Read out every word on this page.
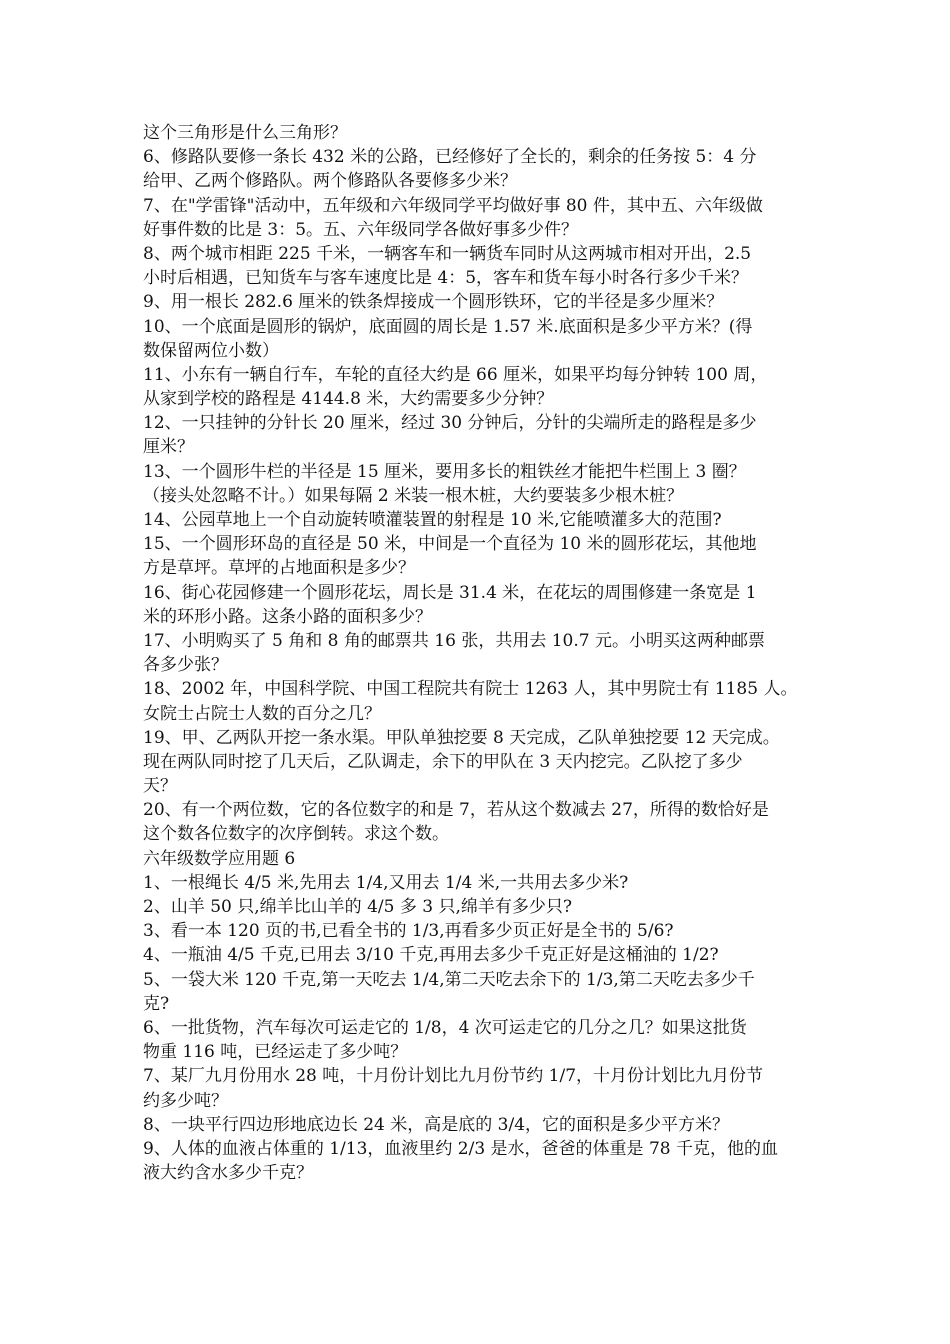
这个三角形是什么三角形？
6、修路队要修一条长 432 米的公路，已经修好了全长的，剩余的任务按 5：4 分
给甲、乙两个修路队。两个修路队各要修多少米？
7、在"学雷锋"活动中，五年级和六年级同学平均做好事 80 件，其中五、六年级做
好事件数的比是 3：5。五、六年级同学各做好事多少件？
8、两个城市相距 225 千米，一辆客车和一辆货车同时从这两城市相对开出，2.5
小时后相遇，已知货车与客车速度比是 4：5，客车和货车每小时各行多少千米？
9、用一根长 282.6 厘米的铁条焊接成一个圆形铁环，它的半径是多少厘米？
10、一个底面是圆形的锅炉，底面圆的周长是 1.57 米.底面积是多少平方米？(得
数保留两位小数）
11、小东有一辆自行车，车轮的直径大约是 66 厘米，如果平均每分钟转 100 周，
从家到学校的路程是 4144.8 米，大约需要多少分钟？
12、一只挂钟的分针长 20 厘米，经过 30 分钟后，分针的尖端所走的路程是多少
厘米？
13、一个圆形牛栏的半径是 15 厘米，要用多长的粗铁丝才能把牛栏围上 3 圈？
（接头处忽略不计。）如果每隔 2 米装一根木桩，大约要装多少根木桩？
14、公园草地上一个自动旋转喷灌装置的射程是 10 米,它能喷灌多大的范围?
15、一个圆形环岛的直径是 50 米，中间是一个直径为 10 米的圆形花坛，其他地
方是草坪。草坪的占地面积是多少？
16、街心花园修建一个圆形花坛，周长是 31.4 米，在花坛的周围修建一条宽是 1
米的环形小路。这条小路的面积多少？
17、小明购买了 5 角和 8 角的邮票共 16 张，共用去 10.7 元。小明买这两种邮票
各多少张？
18、2002 年，中国科学院、中国工程院共有院士 1263 人，其中男院士有 1185 人。
女院士占院士人数的百分之几？
19、甲、乙两队开挖一条水渠。甲队单独挖要 8 天完成，乙队单独挖要 12 天完成。
现在两队同时挖了几天后，乙队调走，余下的甲队在 3 天内挖完。乙队挖了多少
天？
20、有一个两位数，它的各位数字的和是 7，若从这个数减去 27，所得的数恰好是
这个数各位数字的次序倒转。求这个数。
六年级数学应用题 6
1、一根绳长 4/5 米,先用去 1/4,又用去 1/4 米,一共用去多少米?
2、山羊 50 只,绵羊比山羊的 4/5 多 3 只,绵羊有多少只?
3、看一本 120 页的书,已看全书的 1/3,再看多少页正好是全书的 5/6?
4、一瓶油 4/5 千克,已用去 3/10 千克,再用去多少千克正好是这桶油的 1/2?
5、一袋大米 120 千克,第一天吃去 1/4,第二天吃去余下的 1/3,第二天吃去多少千
克?
6、一批货物，汽车每次可运走它的 1/8，4 次可运走它的几分之几？如果这批货
物重 116 吨，已经运走了多少吨？
7、某厂九月份用水 28 吨，十月份计划比九月份节约 1/7，十月份计划比九月份节
约多少吨？
8、一块平行四边形地底边长 24 米，高是底的 3/4，它的面积是多少平方米？
9、人体的血液占体重的 1/13，血液里约 2/3 是水，爸爸的体重是 78 千克，他的血
液大约含水多少千克？
